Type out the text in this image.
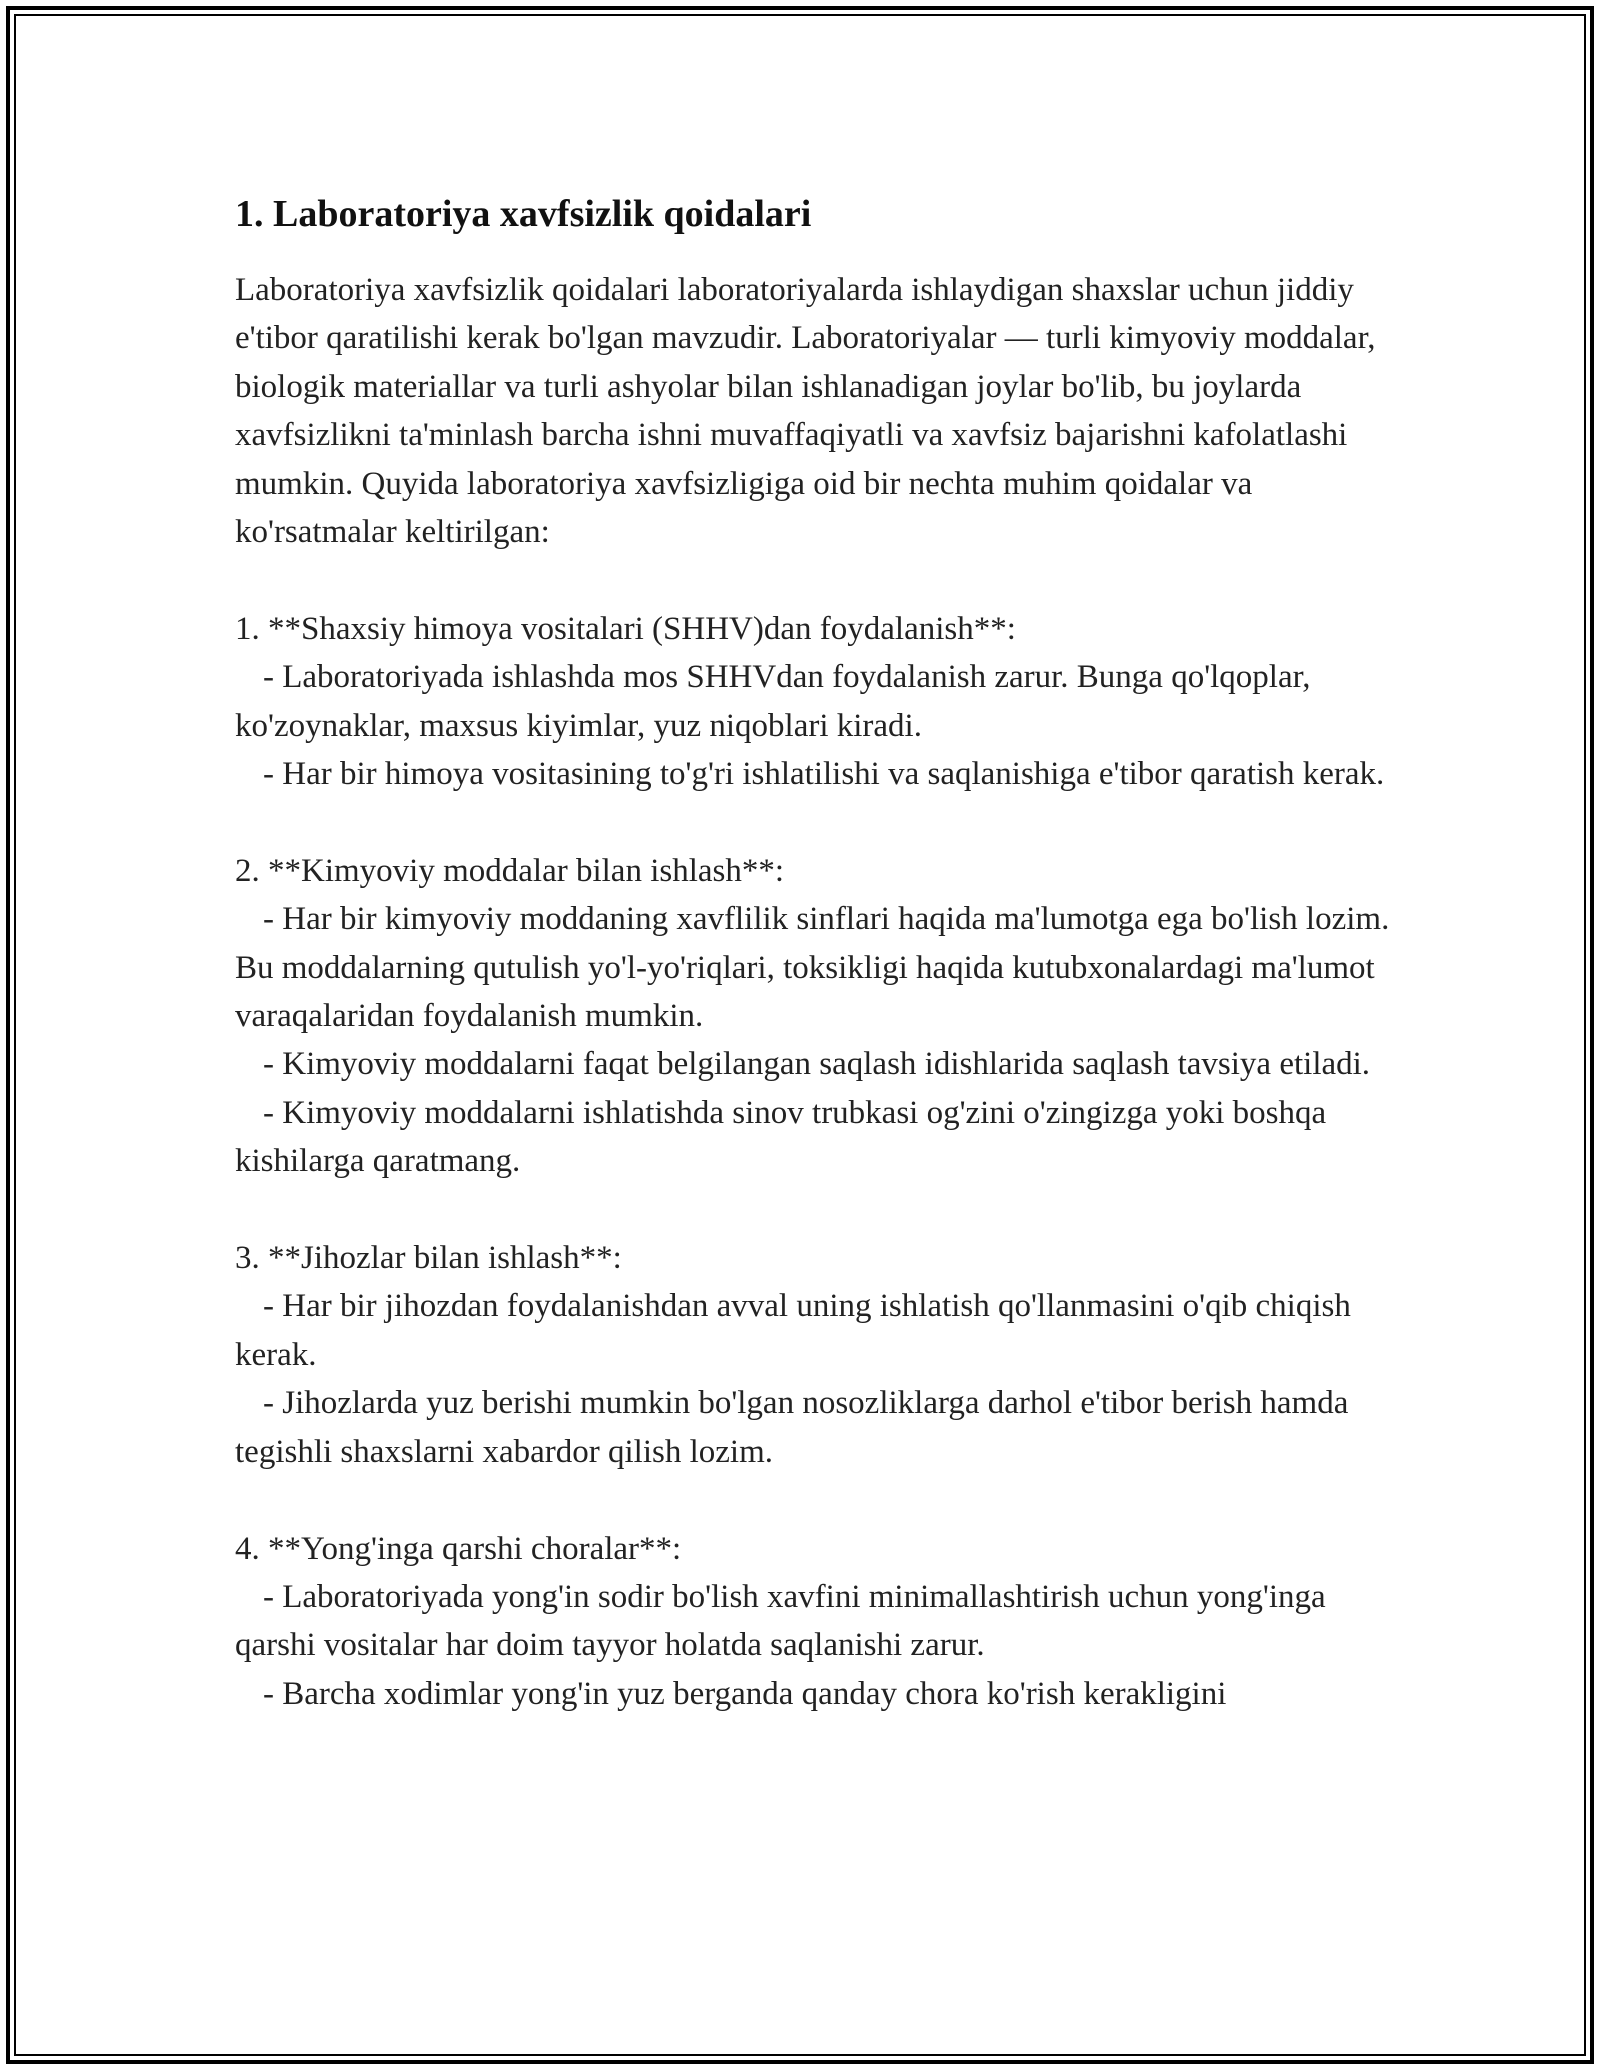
1. Laboratoriya xavfsizlik qoidalari

Laboratoriya xavfsizlik qoidalari laboratoriyalarda ishlaydigan shaxslar uchun jiddiy e'tibor qaratilishi kerak bo'lgan mavzudir. Laboratoriyalar — turli kimyoviy moddalar, biologik materiallar va turli ashyolar bilan ishlanadigan joylar bo'lib, bu joylarda xavfsizlikni ta'minlash barcha ishni muvaffaqiyatli va xavfsiz bajarishni kafolatlashi mumkin. Quyida laboratoriya xavfsizligiga oid bir nechta muhim qoidalar va ko'rsatmalar keltirilgan:

1. **Shaxsiy himoya vositalari (SHHV)dan foydalanish**:

- Laboratoriyada ishlashda mos SHHVdan foydalanish zarur. Bunga qo'lqoplar, ko'zoynaklar, maxsus kiyimlar, yuz niqoblari kiradi.

- Har bir himoya vositasining to'g'ri ishlatilishi va saqlanishiga e'tibor qaratish kerak.

2. **Kimyoviy moddalar bilan ishlash**:

- Har bir kimyoviy moddaning xavflilik sinflari haqida ma'lumotga ega bo'lish lozim. Bu moddalarning qutulish yo'l-yo'riqlari, toksikligi haqida kutubxonalardagi ma'lumot varaqalaridan foydalanish mumkin.

- Kimyoviy moddalarni faqat belgilangan saqlash idishlarida saqlash tavsiya etiladi.

- Kimyoviy moddalarni ishlatishda sinov trubkasi og'zini o'zingizga yoki boshqa kishilarga qaratmang.

3. **Jihozlar bilan ishlash**:

- Har bir jihozdan foydalanishdan avval uning ishlatish qo'llanmasini o'qib chiqish kerak.

- Jihozlarda yuz berishi mumkin bo'lgan nosozliklarga darhol e'tibor berish hamda tegishli shaxslarni xabardor qilish lozim.

4. **Yong'inga qarshi choralar**:

- Laboratoriyada yong'in sodir bo'lish xavfini minimallashtirish uchun yong'inga qarshi vositalar har doim tayyor holatda saqlanishi zarur.

- Barcha xodimlar yong'in yuz berganda qanday chora ko'rish kerakligini
